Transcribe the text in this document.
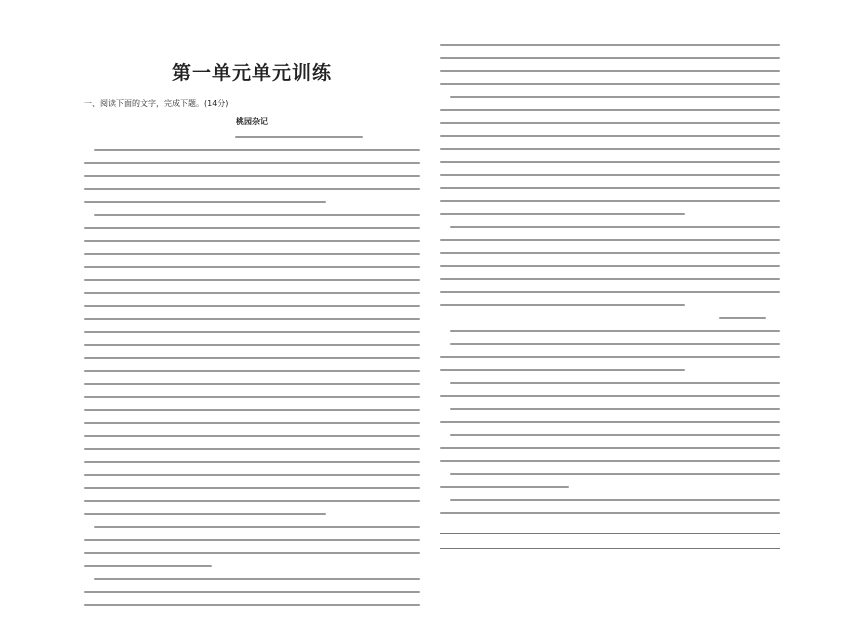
第一单元单元训练
一、阅读下面的文字，完成下题。(14分)
桃园杂记
